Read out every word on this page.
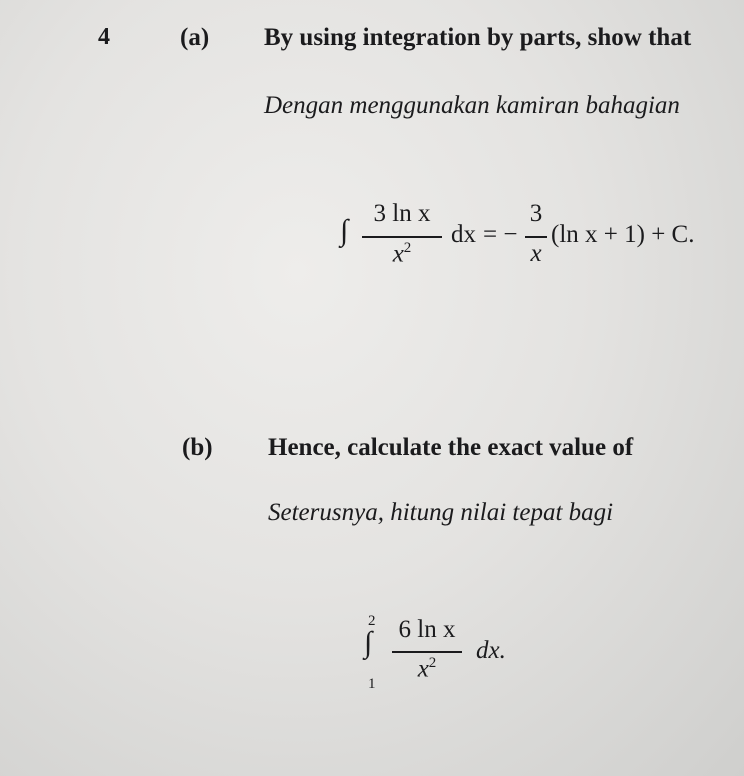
4	(a) By using integration by parts, show that
Dengan menggunakan kamiran bahagian
∫
3 ln x
$x^2$	dx = −
3
x
(ln x + 1) + C.
(b) Hence, calculate the exact value of
Seterusnya, hitung nilai tepat bagi
2
∫
1
6 ln x
$x^2$	dx.
